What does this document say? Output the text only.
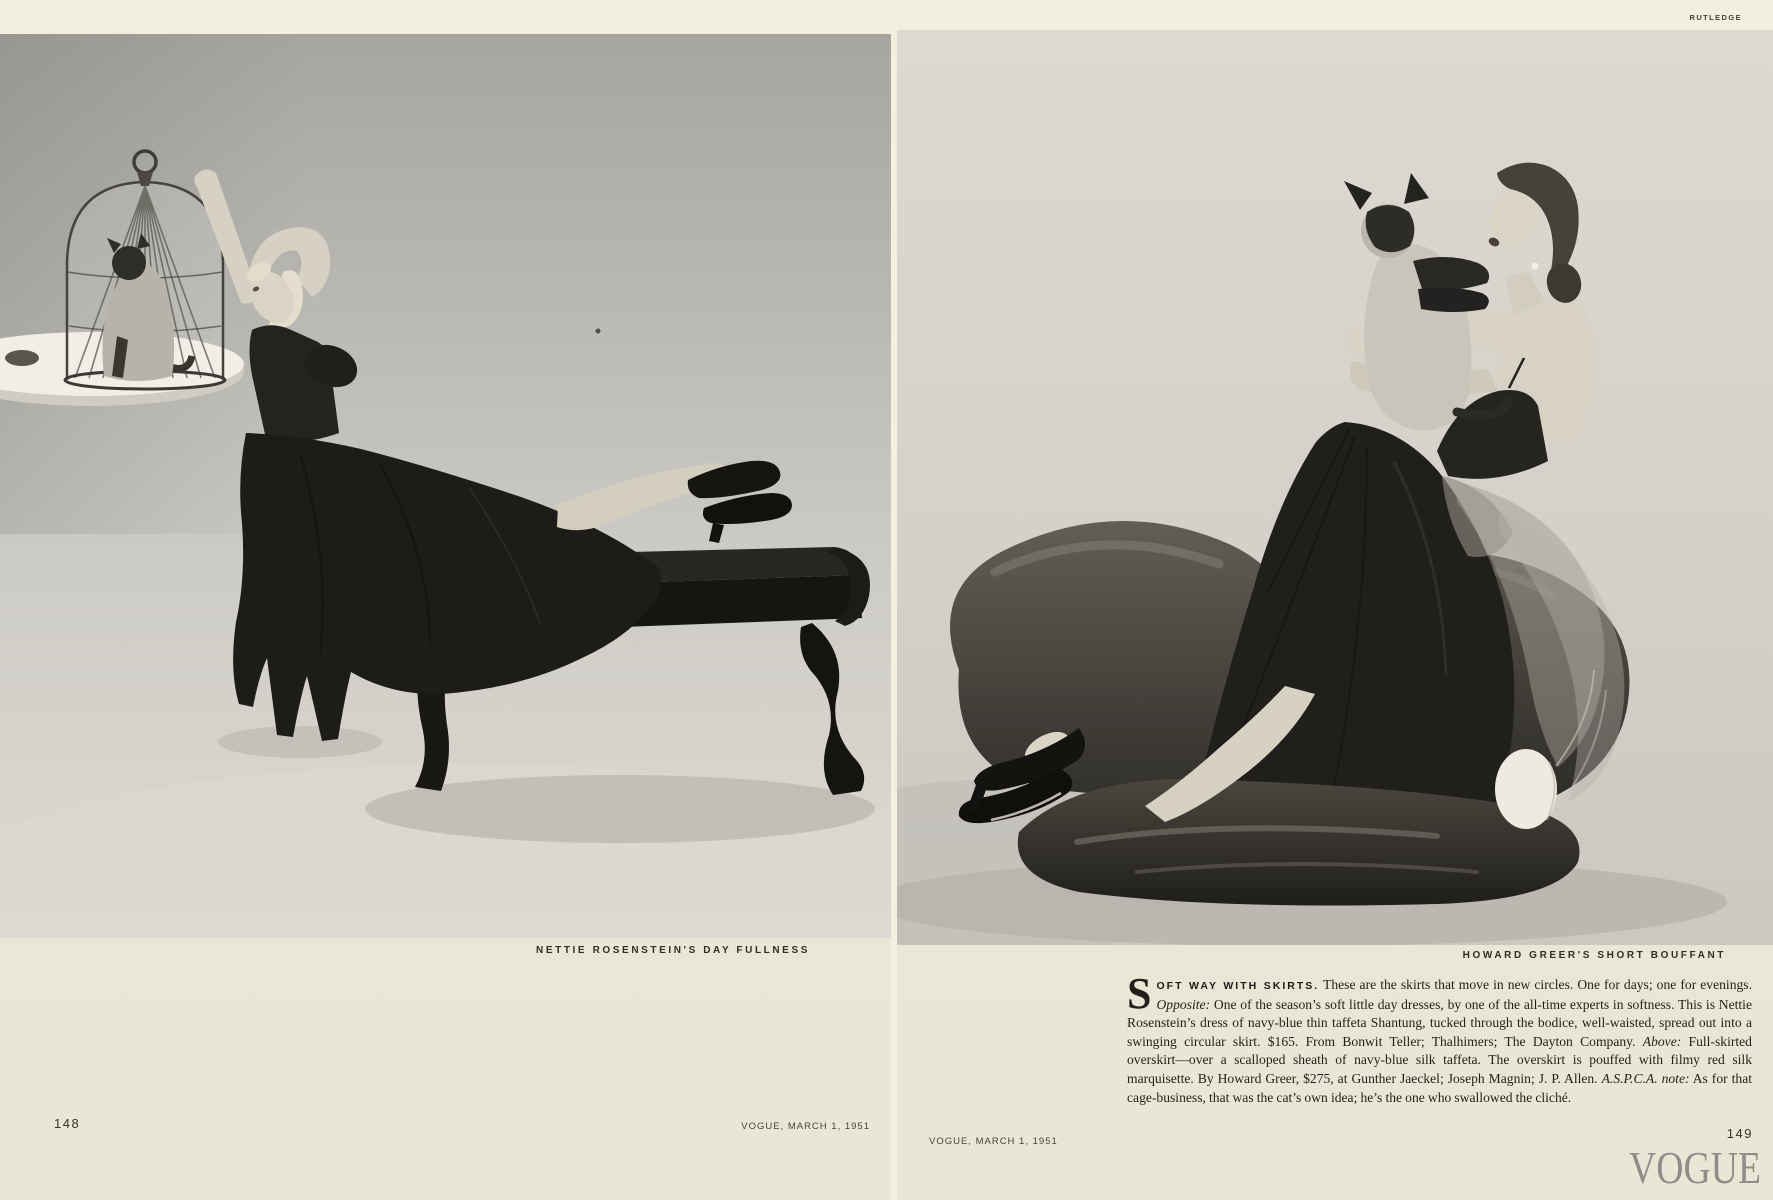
RUTLEDGE
NETTIE ROSENSTEIN'S DAY FULLNESS	HOWARD GREER'S SHORT BOUFFANT
SOFT WAY WITH SKIRTS. These are the skirts that move in new circles. One for days; one for evenings. Opposite: One of the season’s soft little day dresses, by one of the all-time experts in softness. This is Nettie Rosenstein’s dress of navy-blue thin taffeta Shantung, tucked through the bodice, well-waisted, spread out into a swinging circular skirt. $165. From Bonwit Teller; Thalhimers; The Dayton Company. Above: Full-skirted overskirt—over a scalloped sheath of navy-blue silk taffeta. The overskirt is pouffed with filmy red silk marquisette. By Howard Greer, $275, at Gunther Jaeckel; Joseph Magnin; J. P. Allen. A.S.P.C.A. note: As for that cage-business, that was the cat’s own idea; he’s the one who swallowed the cliché.
148	VOGUE, MARCH 1, 1951
VOGUE, MARCH 1, 1951
149
VOGUE
